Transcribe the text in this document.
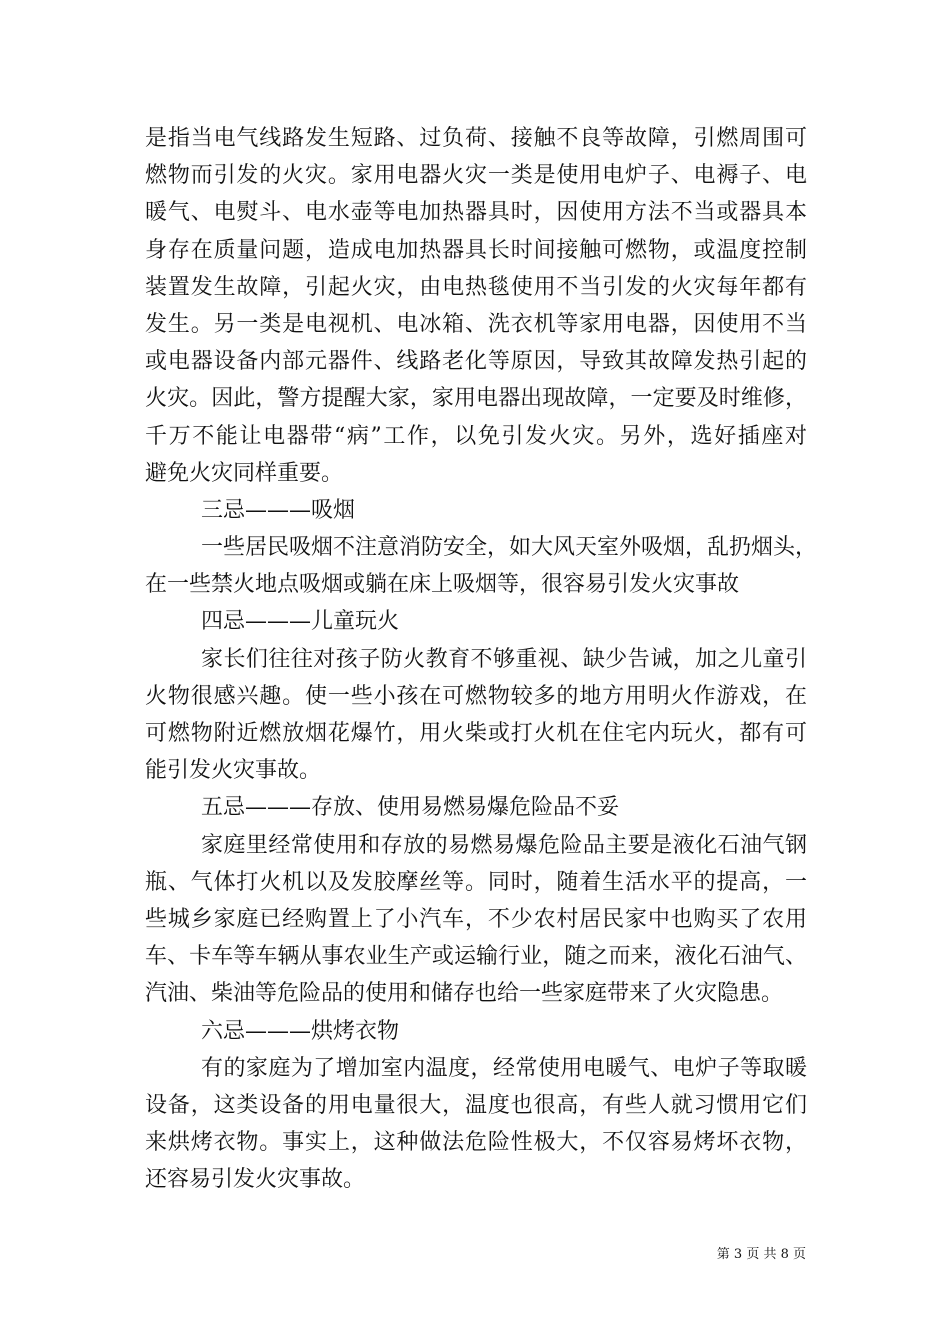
是指当电气线路发生短路、过负荷、接触不良等故障，引燃周围可
燃物而引发的火灾。家用电器火灾一类是使用电炉子、电褥子、电
暖气、电熨斗、电水壶等电加热器具时，因使用方法不当或器具本
身存在质量问题，造成电加热器具长时间接触可燃物，或温度控制
装置发生故障，引起火灾，由电热毯使用不当引发的火灾每年都有
发生。另一类是电视机、电冰箱、洗衣机等家用电器，因使用不当
或电器设备内部元器件、线路老化等原因，导致其故障发热引起的
火灾。因此，警方提醒大家，家用电器出现故障，一定要及时维修，
千万不能让电器带“病”工作，以免引发火灾。另外，选好插座对
避免火灾同样重要。
三忌———吸烟
一些居民吸烟不注意消防安全，如大风天室外吸烟，乱扔烟头，
在一些禁火地点吸烟或躺在床上吸烟等，很容易引发火灾事故
四忌———儿童玩火
家长们往往对孩子防火教育不够重视、缺少告诫，加之儿童引
火物很感兴趣。使一些小孩在可燃物较多的地方用明火作游戏，在
可燃物附近燃放烟花爆竹，用火柴或打火机在住宅内玩火，都有可
能引发火灾事故。
五忌———存放、使用易燃易爆危险品不妥
家庭里经常使用和存放的易燃易爆危险品主要是液化石油气钢
瓶、气体打火机以及发胶摩丝等。同时，随着生活水平的提高，一
些城乡家庭已经购置上了小汽车，不少农村居民家中也购买了农用
车、卡车等车辆从事农业生产或运输行业，随之而来，液化石油气、
汽油、柴油等危险品的使用和储存也给一些家庭带来了火灾隐患。
六忌———烘烤衣物
有的家庭为了增加室内温度，经常使用电暖气、电炉子等取暖
设备，这类设备的用电量很大，温度也很高，有些人就习惯用它们
来烘烤衣物。事实上，这种做法危险性极大，不仅容易烤坏衣物，
还容易引发火灾事故。
第 3 页 共 8 页
